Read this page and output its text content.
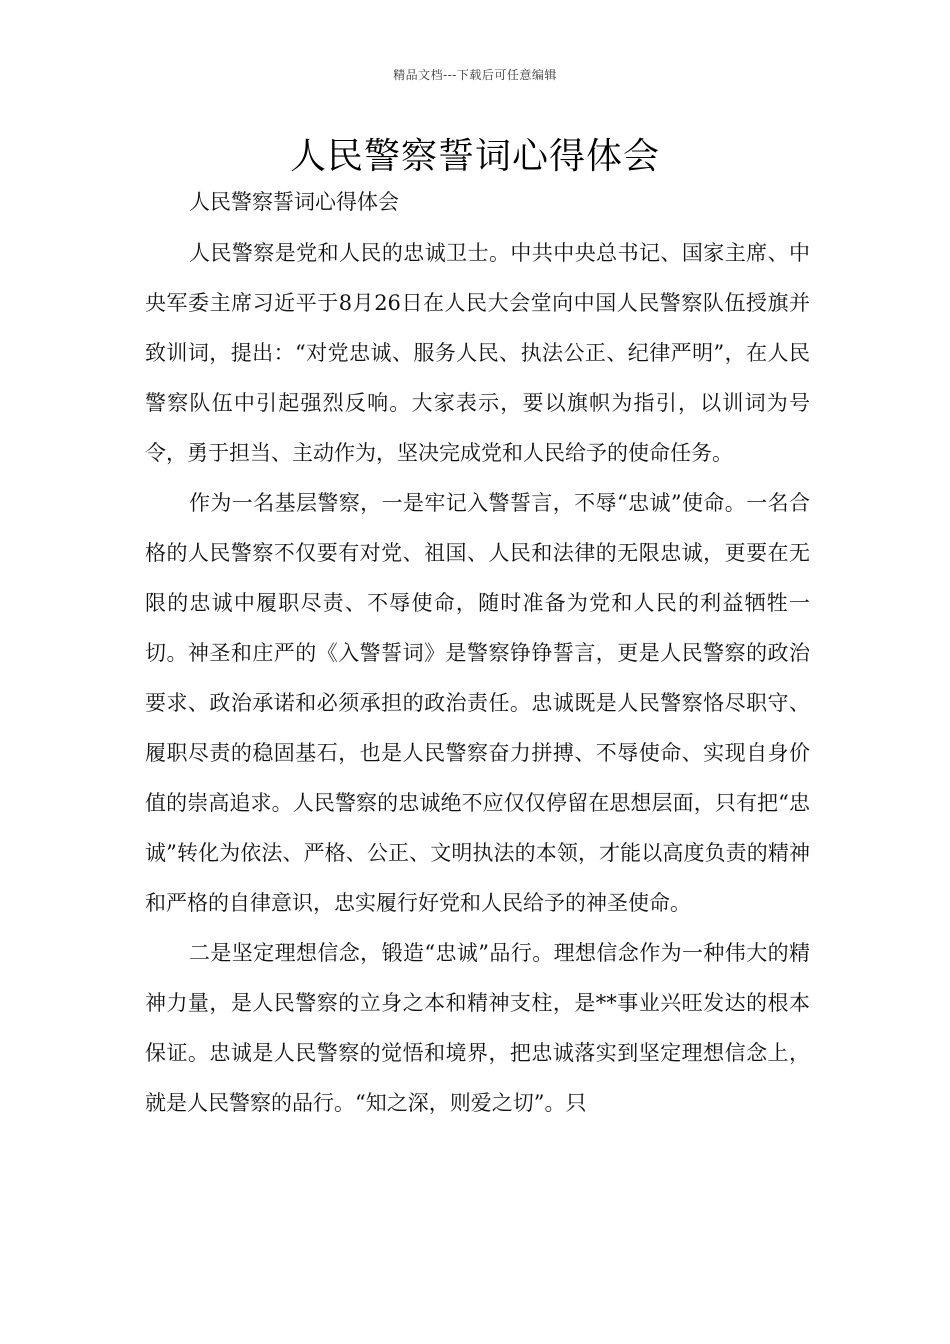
精品文档---下载后可任意编辑
人民警察誓词心得体会

人民警察誓词心得体会

人民警察是党和人民的忠诚卫士。中共中央总书记、国家主席、中央军委主席习近平于8月26日在人民大会堂向中国人民警察队伍授旗并致训词，提出：“对党忠诚、服务人民、执法公正、纪律严明”，在人民警察队伍中引起强烈反响。大家表示，要以旗帜为指引，以训词为号令，勇于担当、主动作为，坚决完成党和人民给予的使命任务。

作为一名基层警察，一是牢记入警誓言，不辱“忠诚”使命。一名合格的人民警察不仅要有对党、祖国、人民和法律的无限忠诚，更要在无限的忠诚中履职尽责、不辱使命，随时准备为党和人民的利益牺牲一切。神圣和庄严的《入警誓词》是警察铮铮誓言，更是人民警察的政治要求、政治承诺和必须承担的政治责任。忠诚既是人民警察恪尽职守、履职尽责的稳固基石，也是人民警察奋力拼搏、不辱使命、实现自身价值的崇高追求。人民警察的忠诚绝不应仅仅停留在思想层面，只有把“忠诚”转化为依法、严格、公正、文明执法的本领，才能以高度负责的精神和严格的自律意识，忠实履行好党和人民给予的神圣使命。

二是坚定理想信念，锻造“忠诚”品行。理想信念作为一种伟大的精神力量，是人民警察的立身之本和精神支柱，是**事业兴旺发达的根本保证。忠诚是人民警察的觉悟和境界，把忠诚落实到坚定理想信念上，就是人民警察的品行。“知之深，则爱之切”。只
